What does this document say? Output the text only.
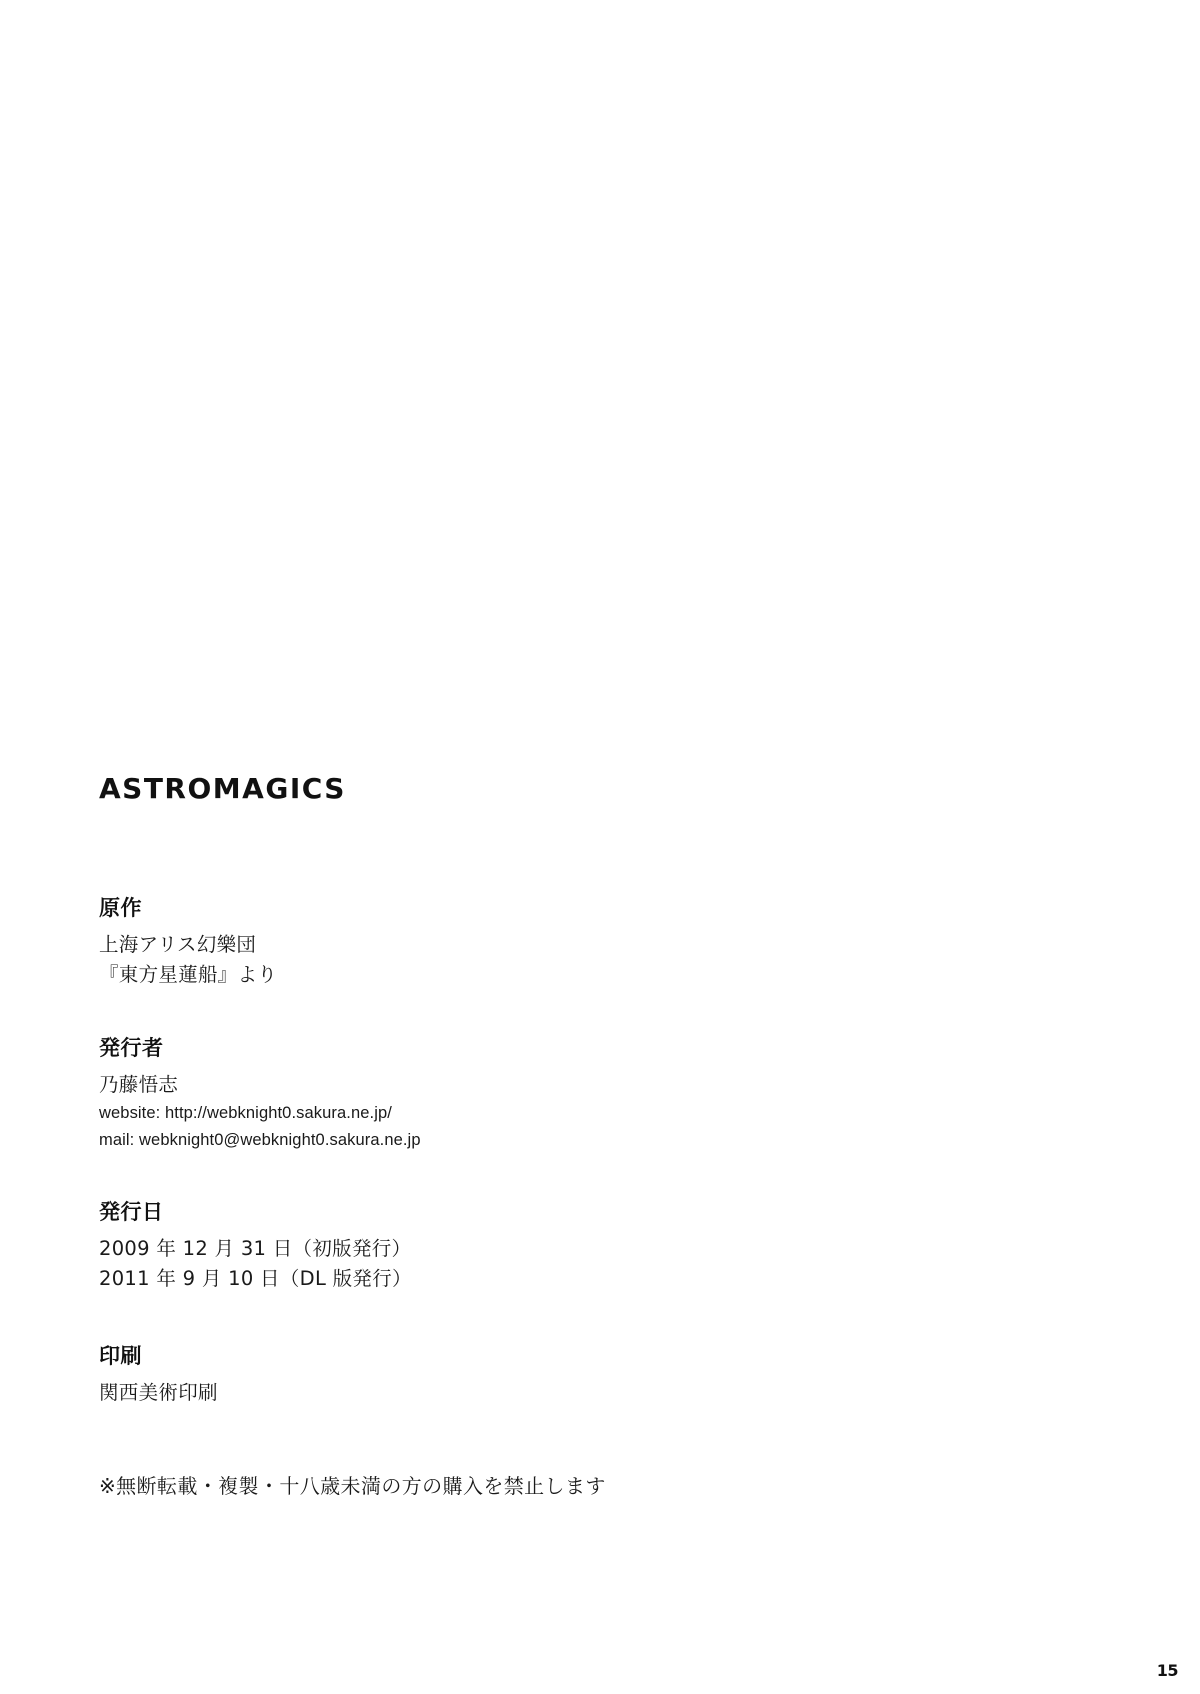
ASTROMAGICS
原作
上海アリス幻樂団
『東方星蓮船』より
発行者
乃藤悟志
website: http://webknight0.sakura.ne.jp/
mail: webknight0@webknight0.sakura.ne.jp
発行日
2009 年 12 月 31 日（初版発行）
2011 年 9 月 10 日（DL 版発行）
印刷
関西美術印刷
※無断転載・複製・十八歳未満の方の購入を禁止します
15
